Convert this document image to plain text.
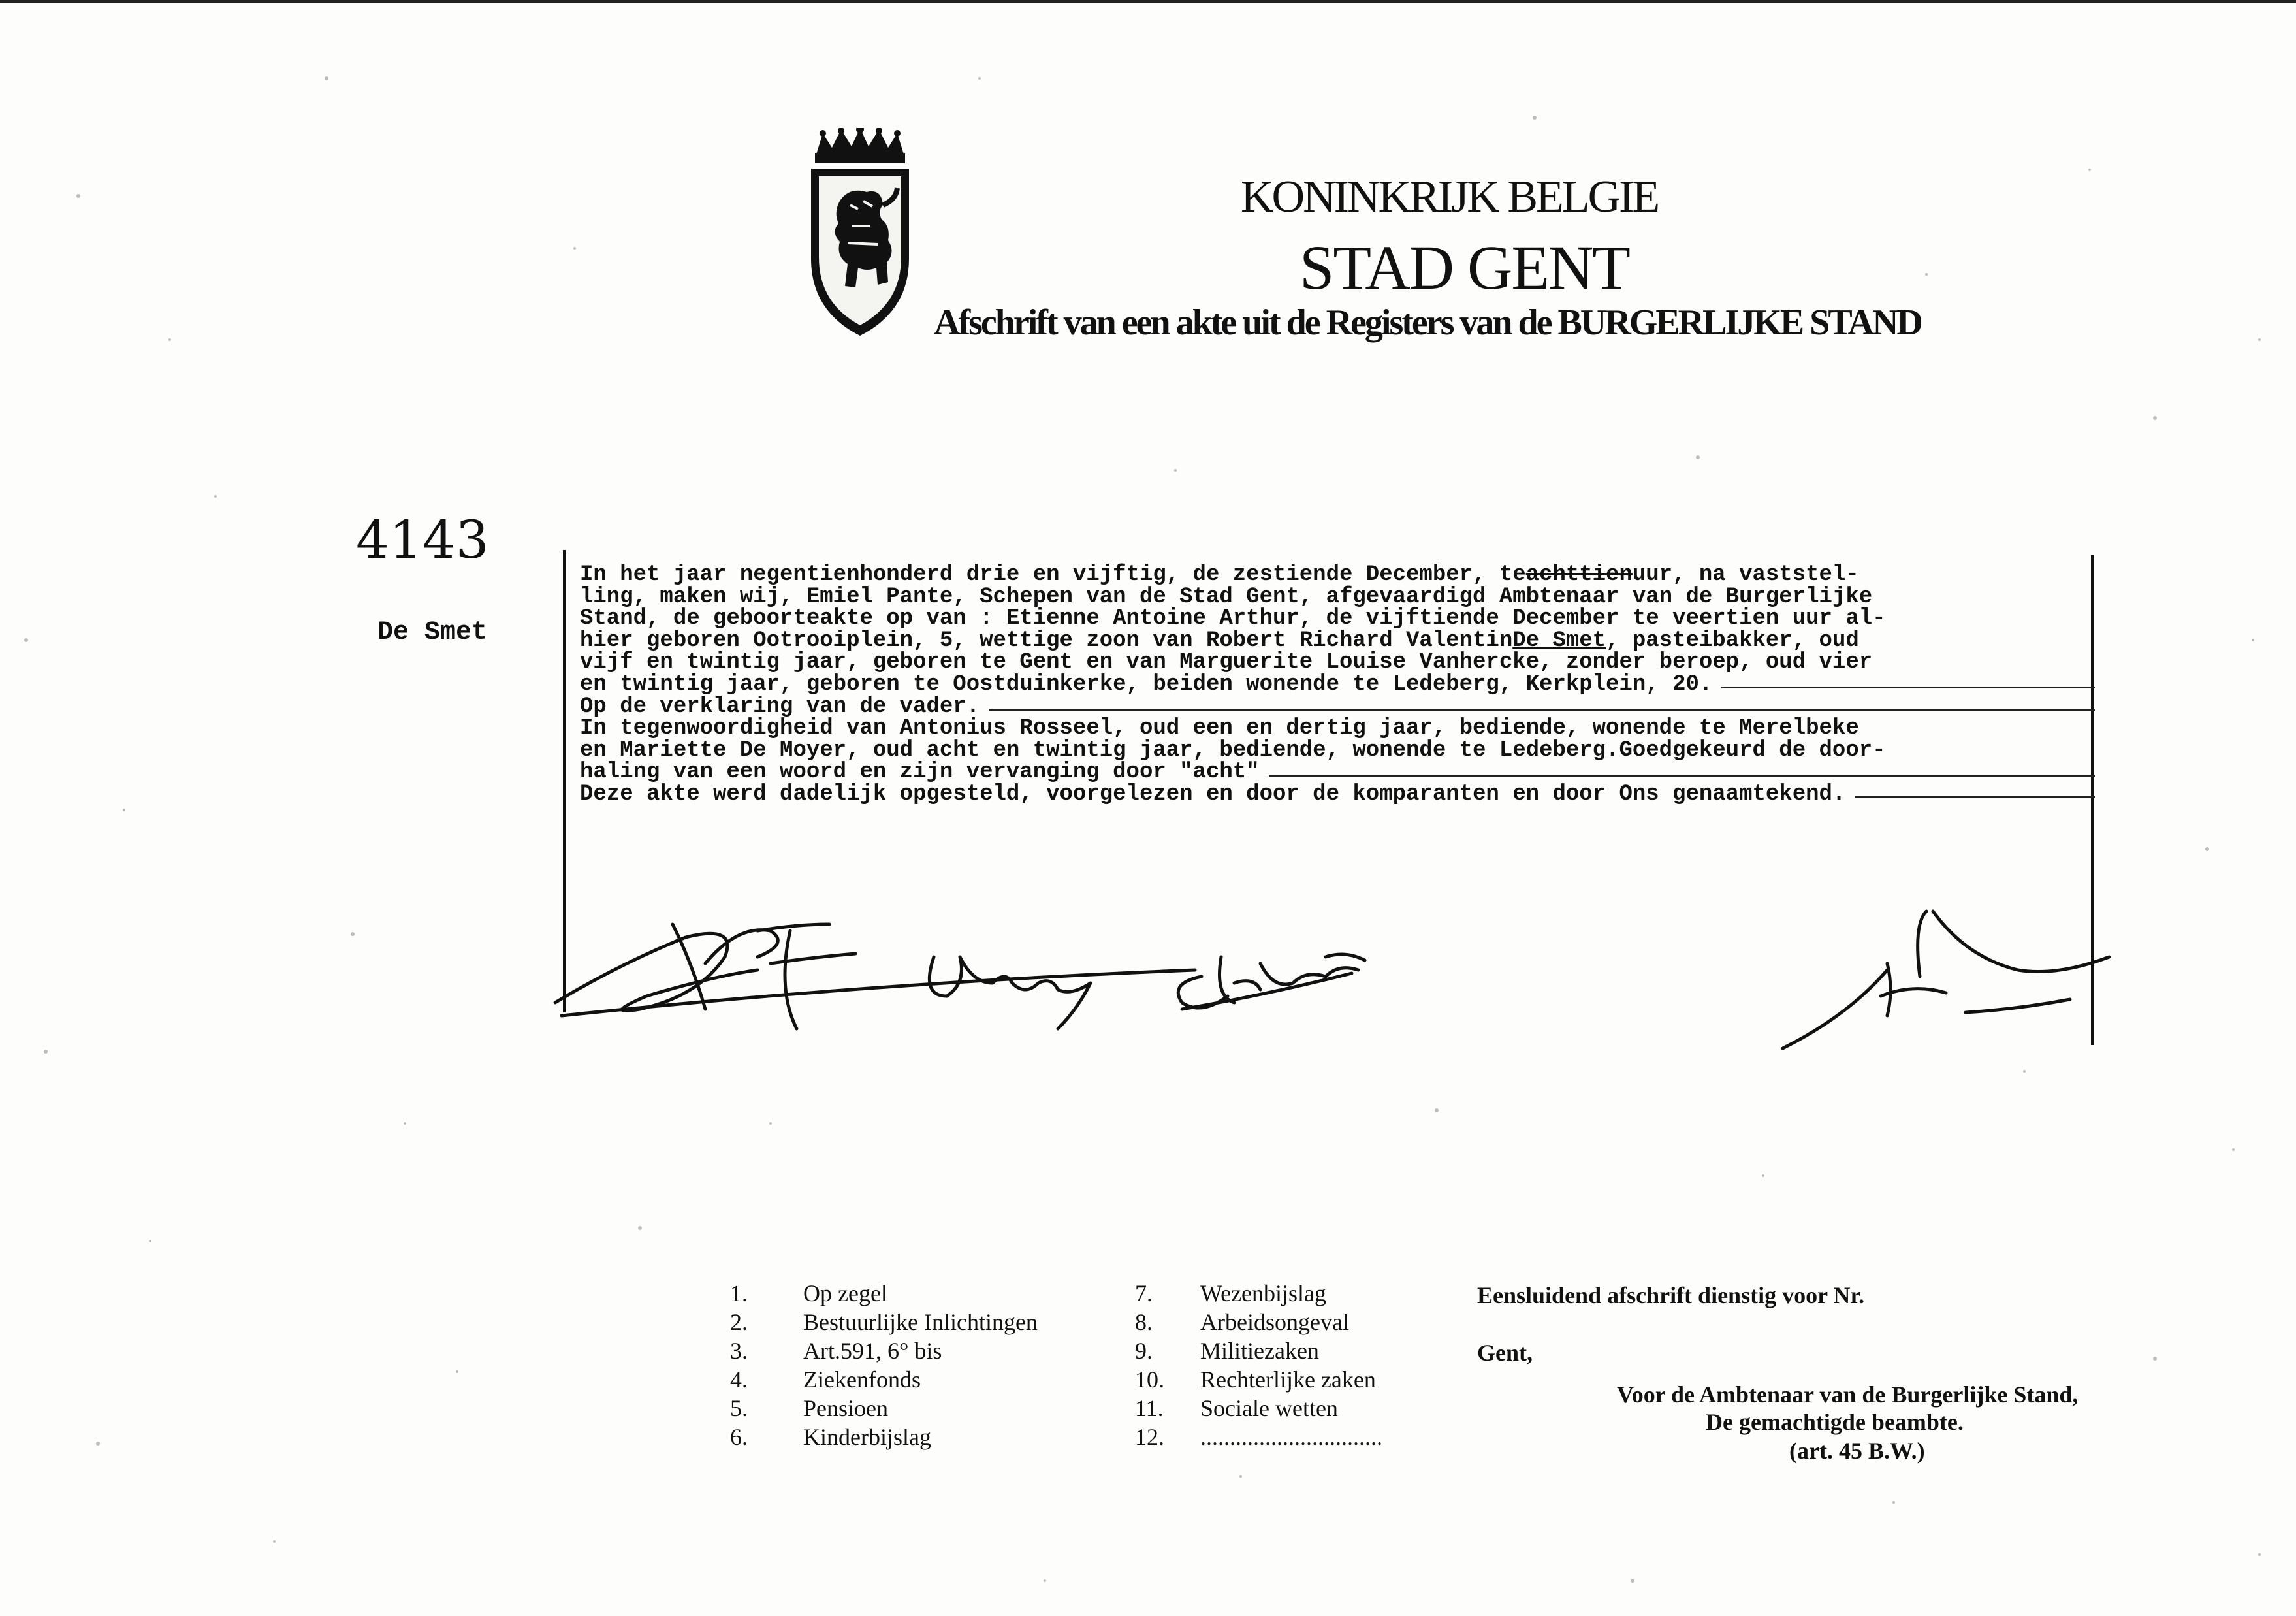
KONINKRIJK BELGIE
STAD GENT
Afschrift van een akte uit de Registers van de BURGERLIJKE STAND
4143
De Smet
In het jaar negentienhonderd drie en vijftig, de zestiende December, te achttien uur, na vaststel-
ling, maken wij, Emiel Pante, Schepen van de Stad Gent, afgevaardigd Ambtenaar van de Burgerlijke
Stand, de geboorteakte op van : Etienne Antoine Arthur, de vijftiende December te veertien uur al-
hier geboren Ootrooiplein, 5, wettige zoon van Robert Richard Valentin De Smet , pasteibakker, oud
vijf en twintig jaar, geboren te Gent en van Marguerite Louise Vanhercke, zonder beroep, oud vier
en twintig jaar, geboren te Oostduinkerke, beiden wonende te Ledeberg, Kerkplein, 20.
Op de verklaring van de vader.
In tegenwoordigheid van Antonius Rosseel, oud een en dertig jaar, bediende, wonende te Merelbeke
en Mariette De Moyer, oud acht en twintig jaar, bediende, wonende te Ledeberg.Goedgekeurd de door-
haling van een woord en zijn vervanging door "acht"
Deze akte werd dadelijk opgesteld, voorgelezen en door de komparanten en door Ons genaamtekend.
1.	Op zegel
2.	Bestuurlijke Inlichtingen
3.	Art.591, 6° bis
4.	Ziekenfonds
5.	Pensioen
6.	Kinderbijslag
7.	Wezenbijslag
8.	Arbeidsongeval
9.	Militiezaken
10.	Rechterlijke zaken
11.	Sociale wetten
12.	...............................
Eensluidend afschrift dienstig voor Nr.
Gent,
Voor de Ambtenaar van de Burgerlijke Stand,
De gemachtigde beambte.
(art. 45 B.W.)
